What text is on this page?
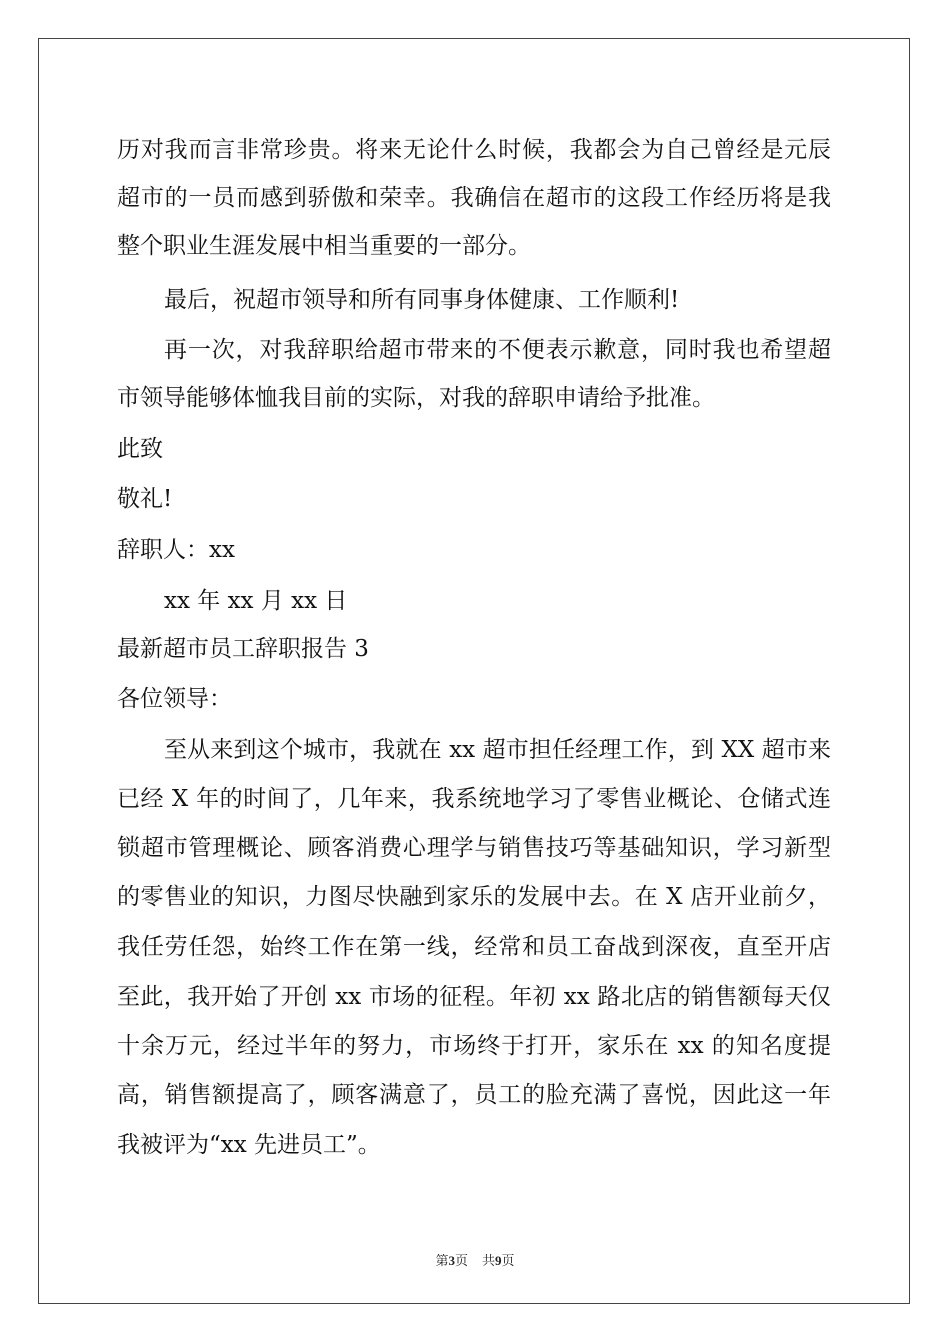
历对我而言非常珍贵。将来无论什么时候，我都会为自己曾经是元辰

超市的一员而感到骄傲和荣幸。我确信在超市的这段工作经历将是我

整个职业生涯发展中相当重要的一部分。

最后，祝超市领导和所有同事身体健康、工作顺利!

再一次，对我辞职给超市带来的不便表示歉意，同时我也希望超

市领导能够体恤我目前的实际，对我的辞职申请给予批准。

此致

敬礼!

辞职人：xx

xx 年 xx 月 xx 日

最新超市员工辞职报告 3

各位领导：

至从来到这个城市，我就在 xx 超市担任经理工作，到 XX 超市来

已经 X 年的时间了，几年来，我系统地学习了零售业概论、仓储式连

锁超市管理概论、顾客消费心理学与销售技巧等基础知识，学习新型

的零售业的知识，力图尽快融到家乐的发展中去。在 X 店开业前夕，

我任劳任怨，始终工作在第一线，经常和员工奋战到深夜，直至开店

至此，我开始了开创 xx 市场的征程。年初 xx 路北店的销售额每天仅

十余万元，经过半年的努力，市场终于打开，家乐在 xx 的知名度提

高，销售额提高了，顾客满意了，员工的脸充满了喜悦，因此这一年

我被评为“xx 先进员工”。

第3页 共9页
